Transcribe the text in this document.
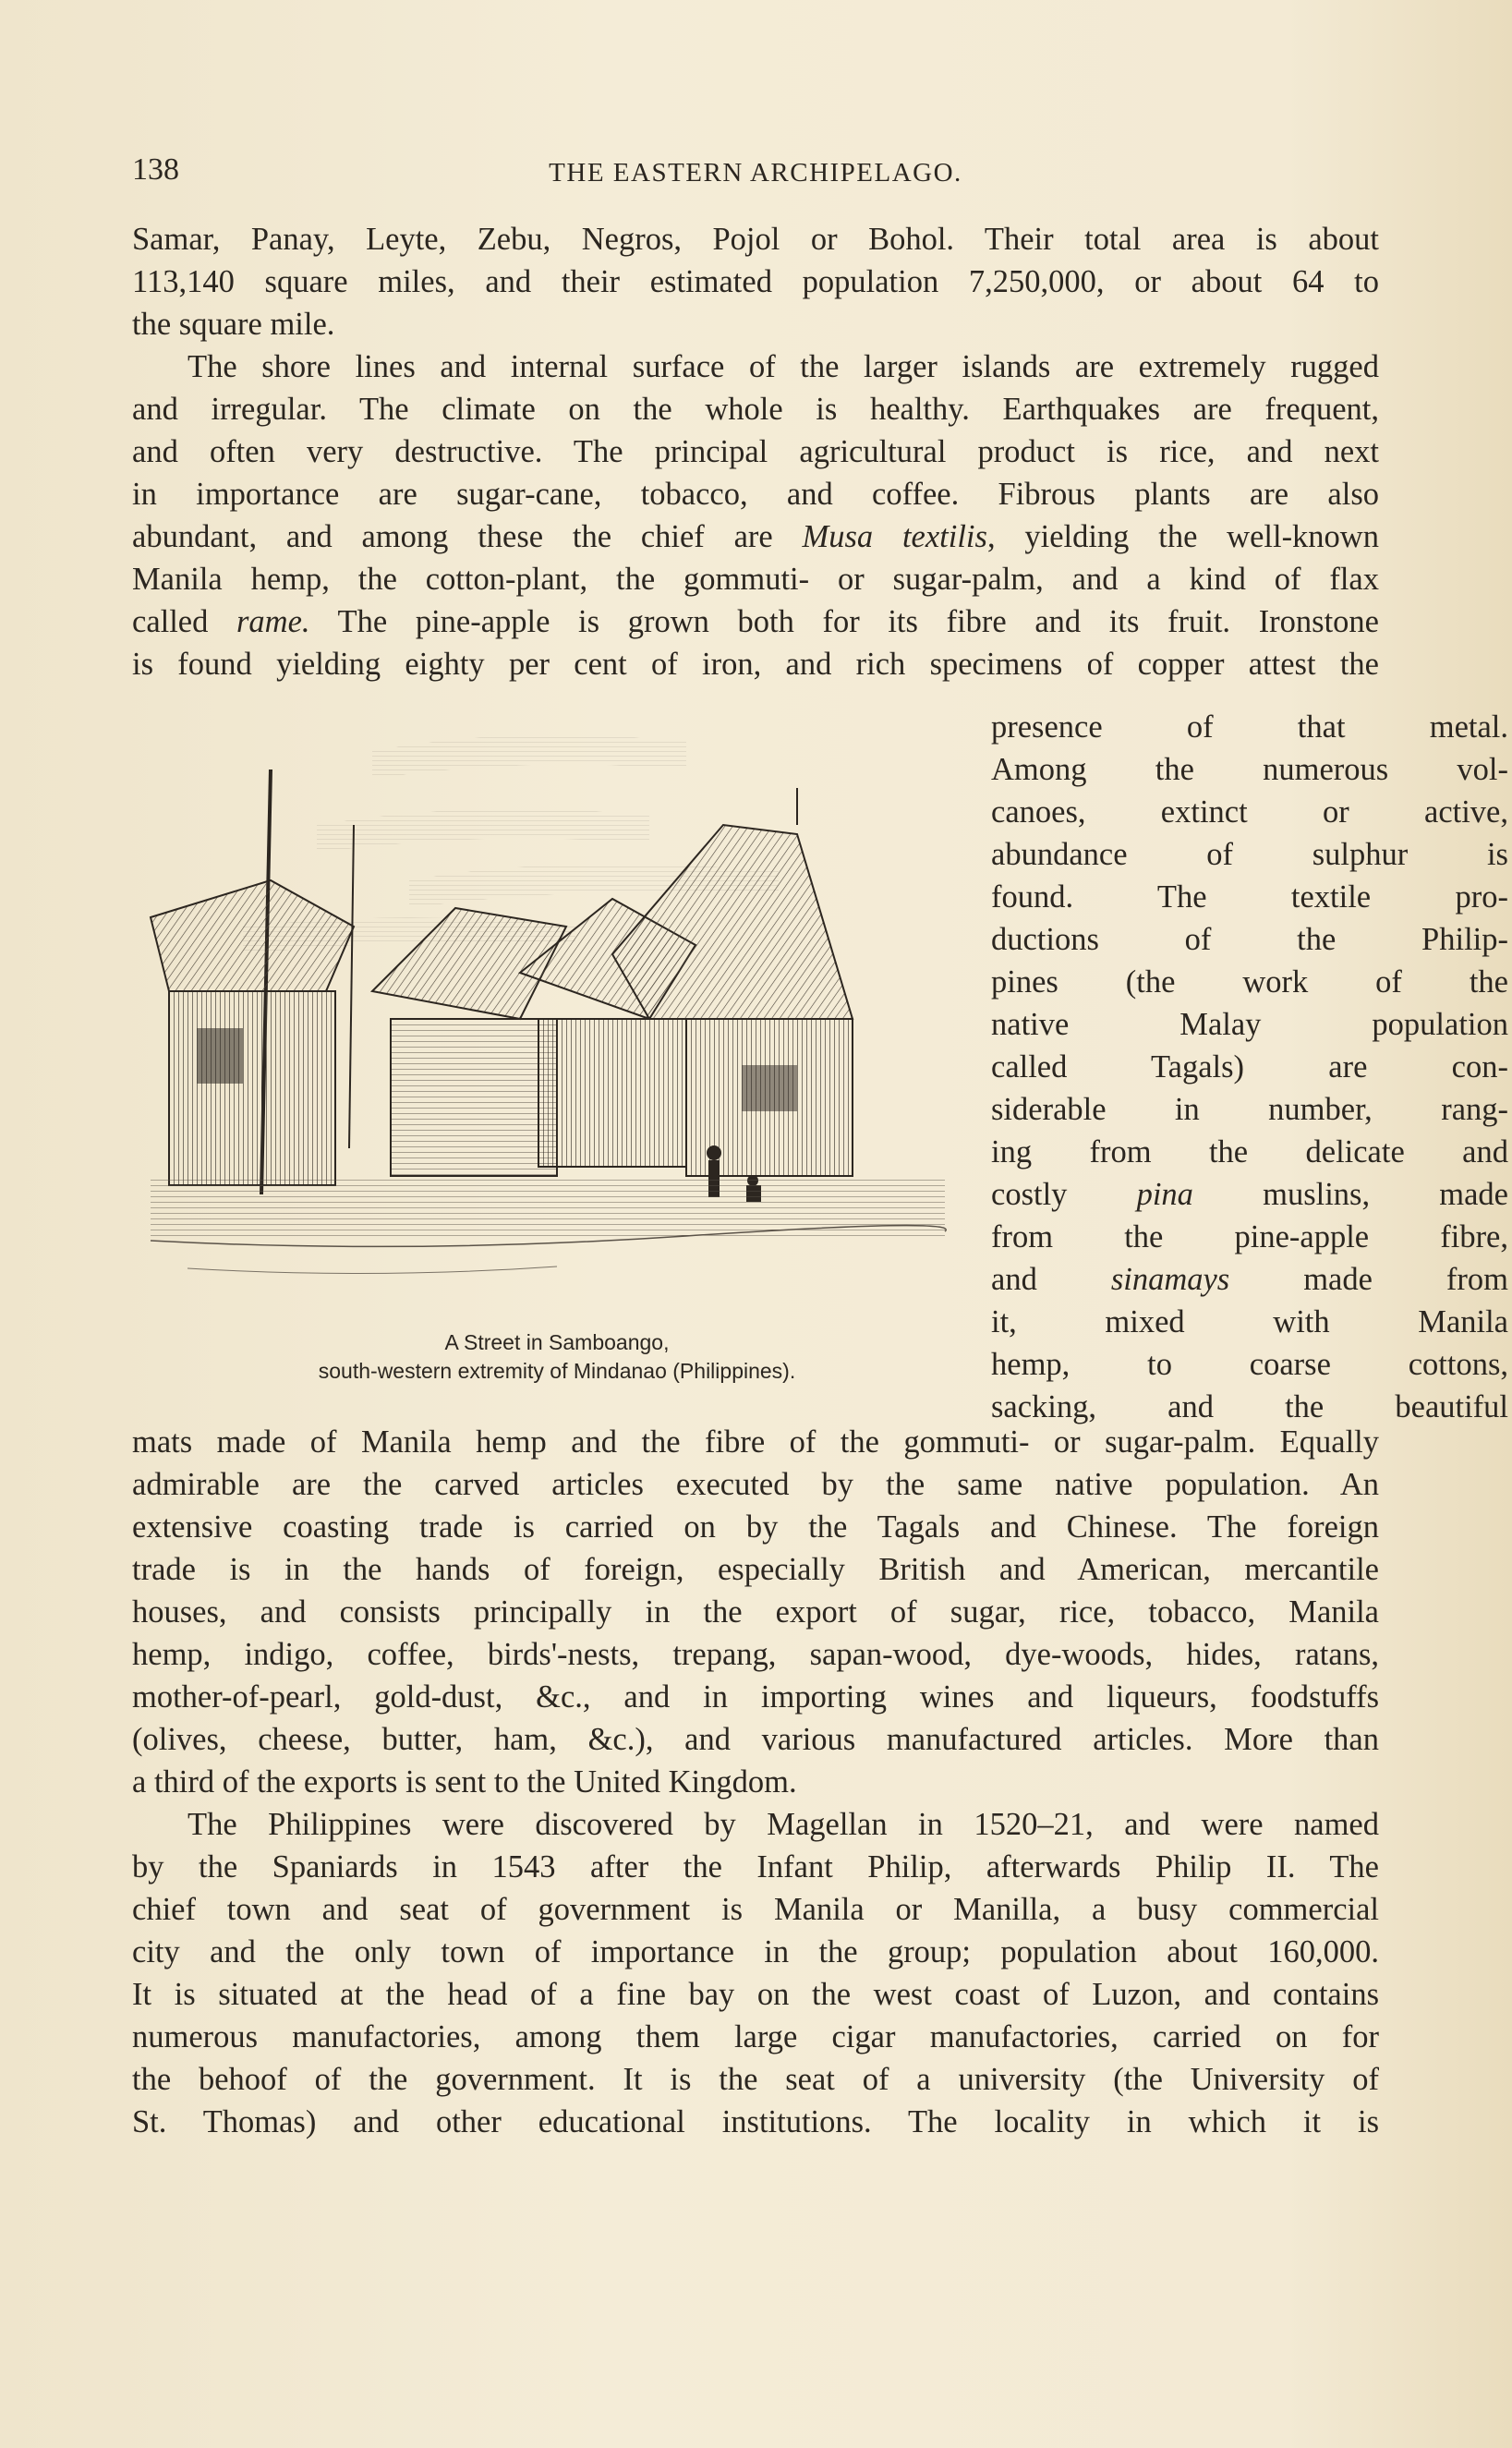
138	THE EASTERN ARCHIPELAGO.
Samar, Panay, Leyte, Zebu, Negros, Pojol or Bohol. Their total area is about
113,140 square miles, and their estimated population 7,250,000, or about 64 to
the square mile.
The shore lines and internal surface of the larger islands are extremely rugged
and irregular. The climate on the whole is healthy. Earthquakes are frequent,
and often very destructive. The principal agricultural product is rice, and next
in importance are sugar-cane, tobacco, and coffee. Fibrous plants are also
abundant, and among these the chief are Musa textilis, yielding the well-known
Manila hemp, the cotton-plant, the gommuti- or sugar-palm, and a kind of flax
called rame. The pine-apple is grown both for its fibre and its fruit. Ironstone
is found yielding eighty per cent of iron, and rich specimens of copper attest the
A Street in Samboango,
south-western extremity of Mindanao (Philippines).
presence of that metal.
Among the numerous vol-
canoes, extinct or active,
abundance of sulphur is
found. The textile pro-
ductions of the Philip-
pines (the work of the
native Malay population
called Tagals) are con-
siderable in number, rang-
ing from the delicate and
costly pina muslins, made
from the pine-apple fibre,
and sinamays made from
it, mixed with Manila
hemp, to coarse cottons,
sacking, and the beautiful
mats made of Manila hemp and the fibre of the gommuti- or sugar-palm. Equally
admirable are the carved articles executed by the same native population. An
extensive coasting trade is carried on by the Tagals and Chinese. The foreign
trade is in the hands of foreign, especially British and American, mercantile
houses, and consists principally in the export of sugar, rice, tobacco, Manila
hemp, indigo, coffee, birds'-nests, trepang, sapan-wood, dye-woods, hides, ratans,
mother-of-pearl, gold-dust, &c., and in importing wines and liqueurs, foodstuffs
(olives, cheese, butter, ham, &c.), and various manufactured articles. More than
a third of the exports is sent to the United Kingdom.
The Philippines were discovered by Magellan in 1520–21, and were named
by the Spaniards in 1543 after the Infant Philip, afterwards Philip II. The
chief town and seat of government is Manila or Manilla, a busy commercial
city and the only town of importance in the group; population about 160,000.
It is situated at the head of a fine bay on the west coast of Luzon, and contains
numerous manufactories, among them large cigar manufactories, carried on for
the behoof of the government. It is the seat of a university (the University of
St. Thomas) and other educational institutions. The locality in which it is
